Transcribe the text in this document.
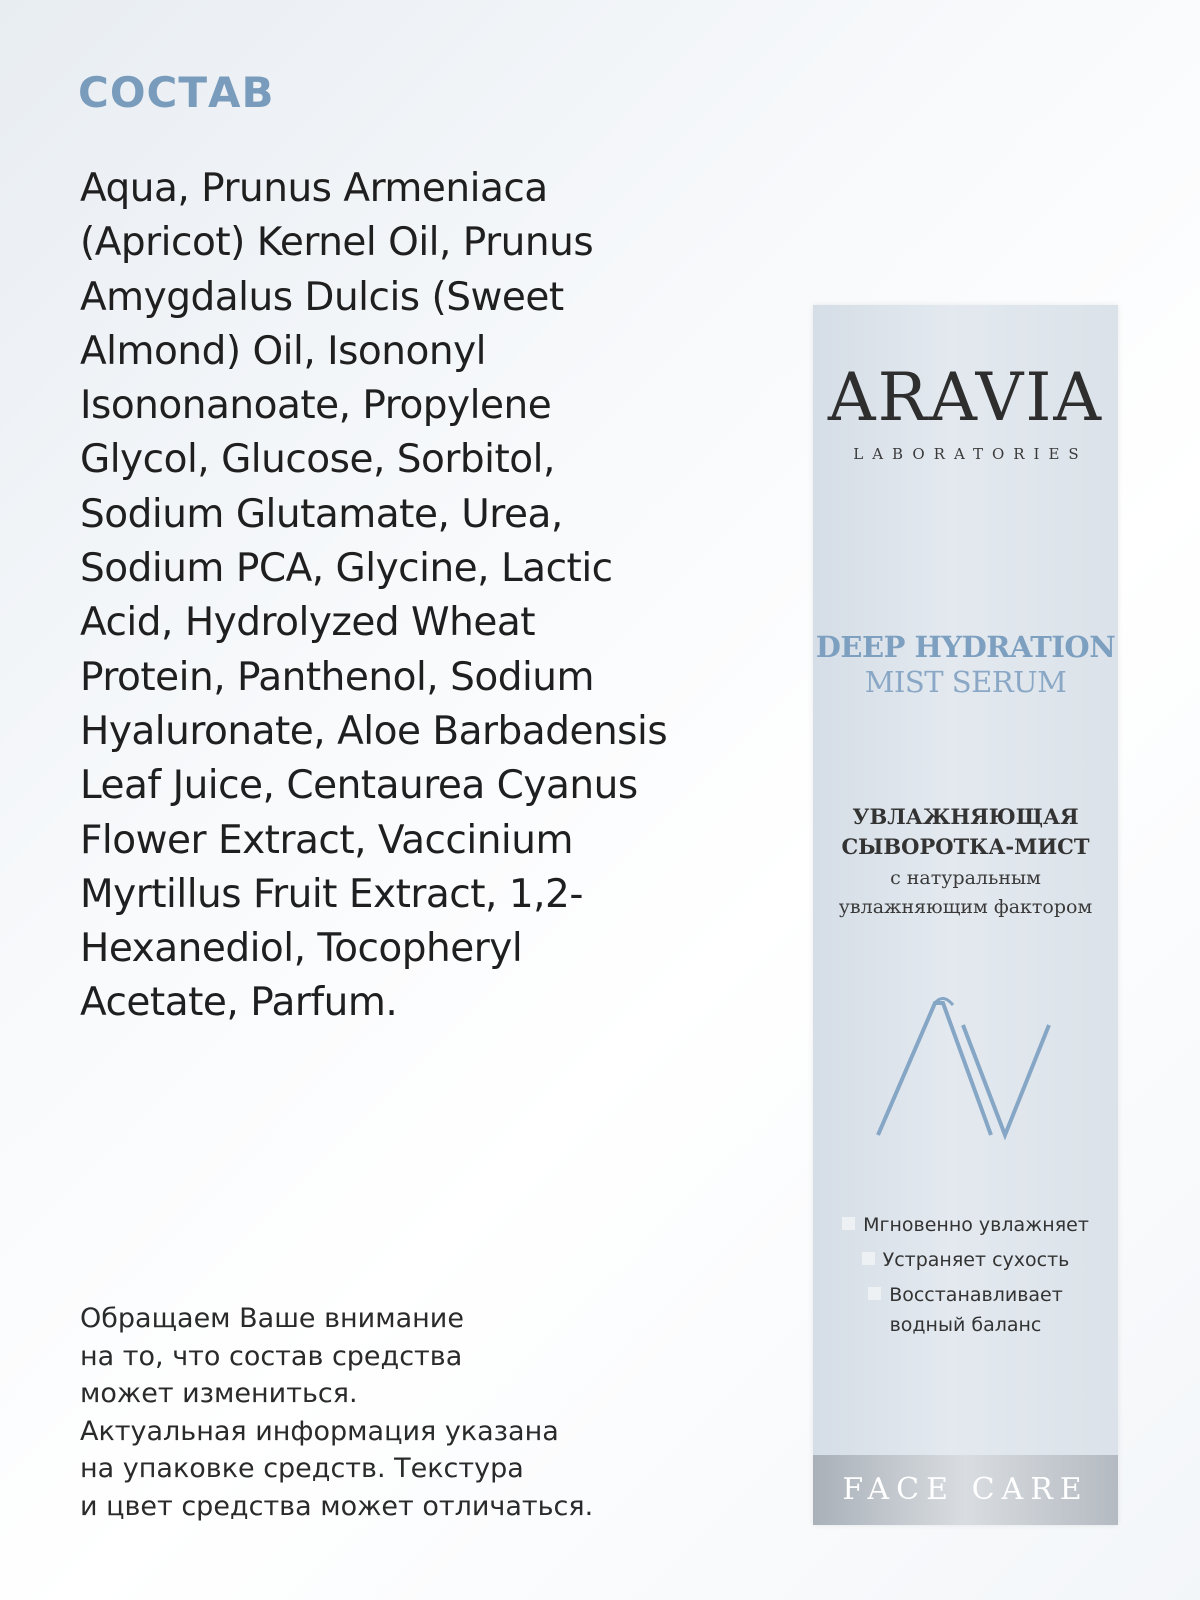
СОСТАВ
Aqua, Prunus Armeniaca (Apricot) Kernel Oil, Prunus Amygdalus Dulcis (Sweet Almond) Oil, Isononyl Isononanoate, Propylene Glycol, Glucose, Sorbitol, Sodium Glutamate, Urea, Sodium PCA, Glycine, Lactic Acid, Hydrolyzed Wheat Protein, Panthenol, Sodium Hyaluronate, Aloe Barbadensis Leaf Juice, Centaurea Cyanus Flower Extract, Vaccinium Myrtillus Fruit Extract, 1,2-Hexanediol, Tocopheryl Acetate, Parfum.
Обращаем Ваше внимание
на то, что состав средства
может измениться.
Актуальная информация указана
на упаковке средств. Текстура
и цвет средства может отличаться.
ARAVIA
LABORATORIES
DEEP HYDRATION
MIST SERUM
УВЛАЖНЯЮЩАЯ
СЫВОРОТКА-МИСТ
с натуральным
увлажняющим фактором
Мгновенно увлажняет
Устраняет сухость
Восстанавливает
водный баланс
FACE CARE
